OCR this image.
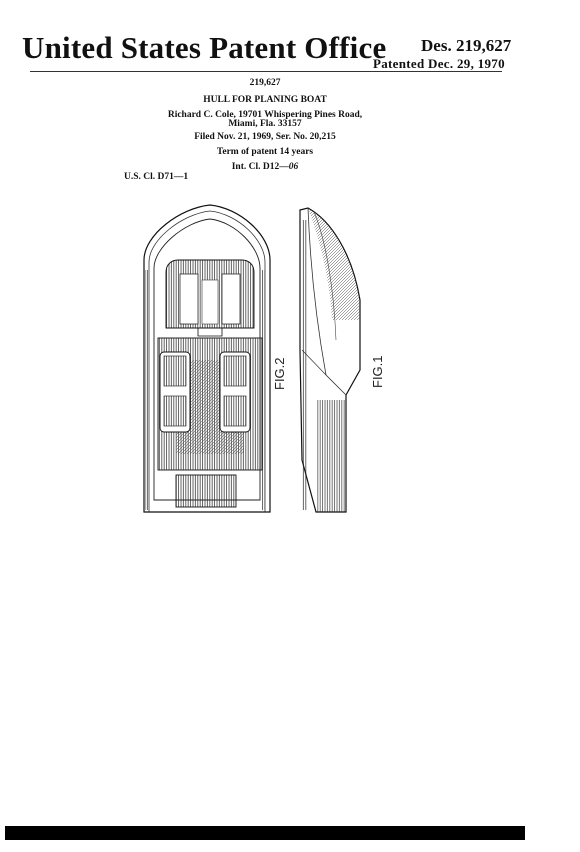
United States Patent Office Des. 219,627
Patented Dec. 29, 1970
219,627
HULL FOR PLANING BOAT
Richard C. Cole, 19701 Whispering Pines Road,
Miami, Fla. 33157
Filed Nov. 21, 1969, Ser. No. 20,215
Term of patent 14 years
Int. Cl. D12—06
U.S. Cl. D71—1
FIG.2	FIG.1
